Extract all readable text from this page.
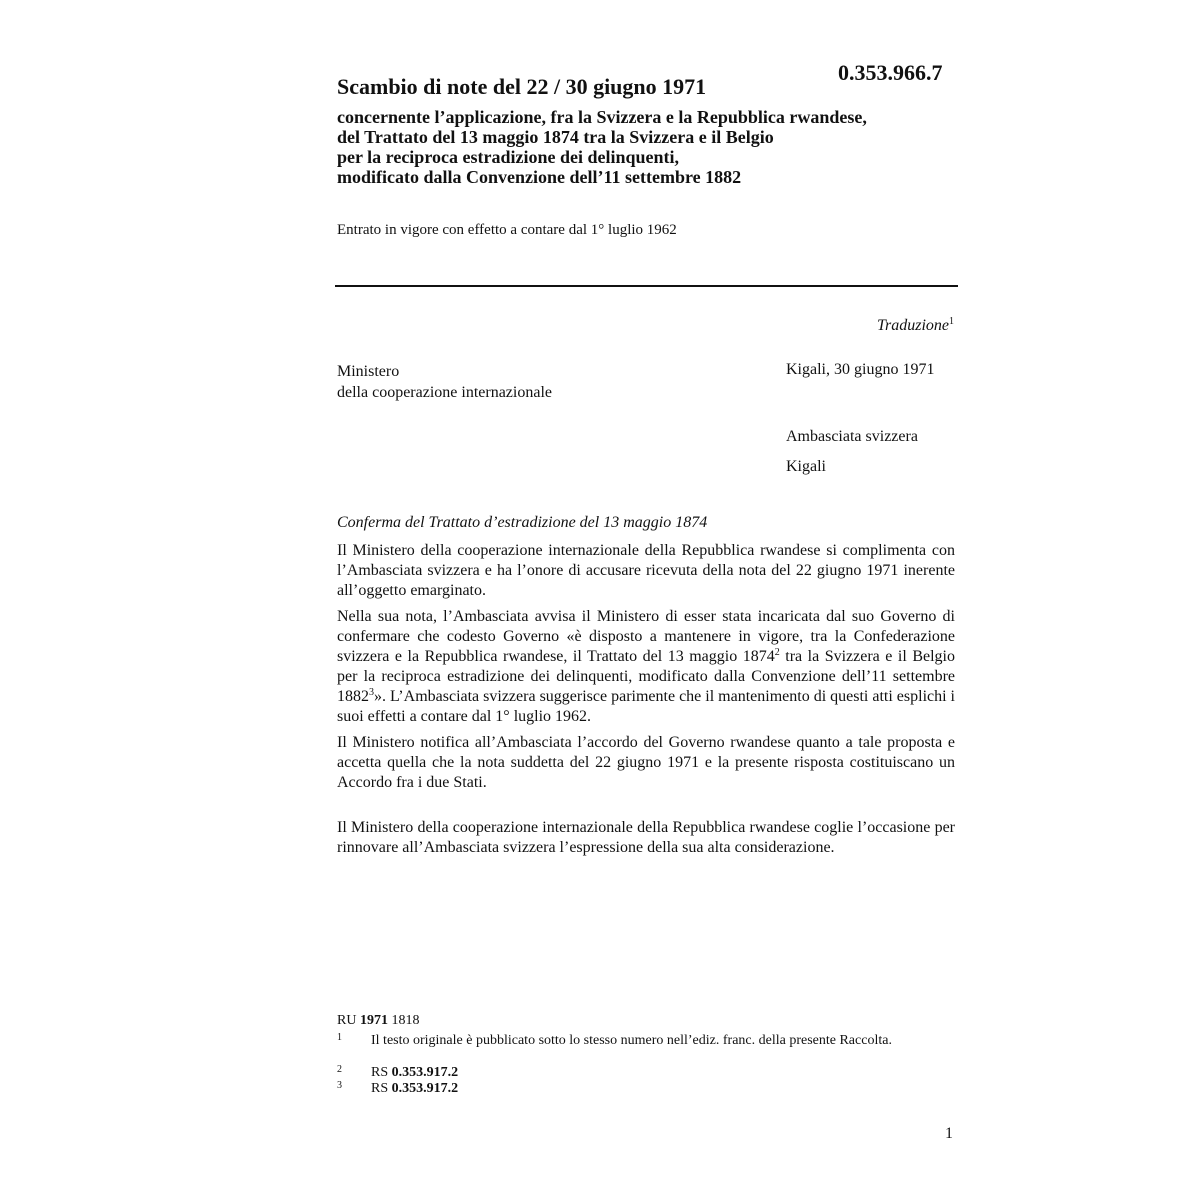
0.353.966.7
Scambio di note del 22 / 30 giugno 1971
concernente l’applicazione, fra la Svizzera e la Repubblica rwandese,
del Trattato del 13 maggio 1874 tra la Svizzera e il Belgio
per la reciproca estradizione dei delinquenti,
modificato dalla Convenzione dell’11 settembre 1882
Entrato in vigore con effetto a contare dal 1° luglio 1962
Traduzione$^1$
Ministero
della cooperazione internazionale
Kigali, 30 giugno 1971
Ambasciata svizzera
Kigali
Conferma del Trattato d’estradizione del 13 maggio 1874

Il Ministero della cooperazione internazionale della Repubblica rwandese si complimenta con l’Ambasciata svizzera e ha l’onore di accusare ricevuta della nota del 22 giugno 1971 inerente all’oggetto emarginato.

Nella sua nota, l’Ambasciata avvisa il Ministero di esser stata incaricata dal suo Governo di confermare che codesto Governo «è disposto a mantenere in vigore, tra la Confederazione svizzera e la Repubblica rwandese, il Trattato del 13 maggio 1874$^2$ tra la Svizzera e il Belgio per la reciproca estradizione dei delinquenti, modificato dalla Convenzione dell’11 settembre 1882$^3$». L’Ambasciata svizzera suggerisce parimente che il mantenimento di questi atti esplichi i suoi effetti a contare dal 1° luglio 1962.

Il Ministero notifica all’Ambasciata l’accordo del Governo rwandese quanto a tale proposta e accetta quella che la nota suddetta del 22 giugno 1971 e la presente risposta costituiscano un Accordo fra i due Stati.

Il Ministero della cooperazione internazionale della Repubblica rwandese coglie l’occasione per rinnovare all’Ambasciata svizzera l’espressione della sua alta considerazione.

RU 1971 1818
1 Il testo originale è pubblicato sotto lo stesso numero nell’ediz. franc. della presente Raccolta.
2 RS 0.353.917.2
3 RS 0.353.917.2
1
